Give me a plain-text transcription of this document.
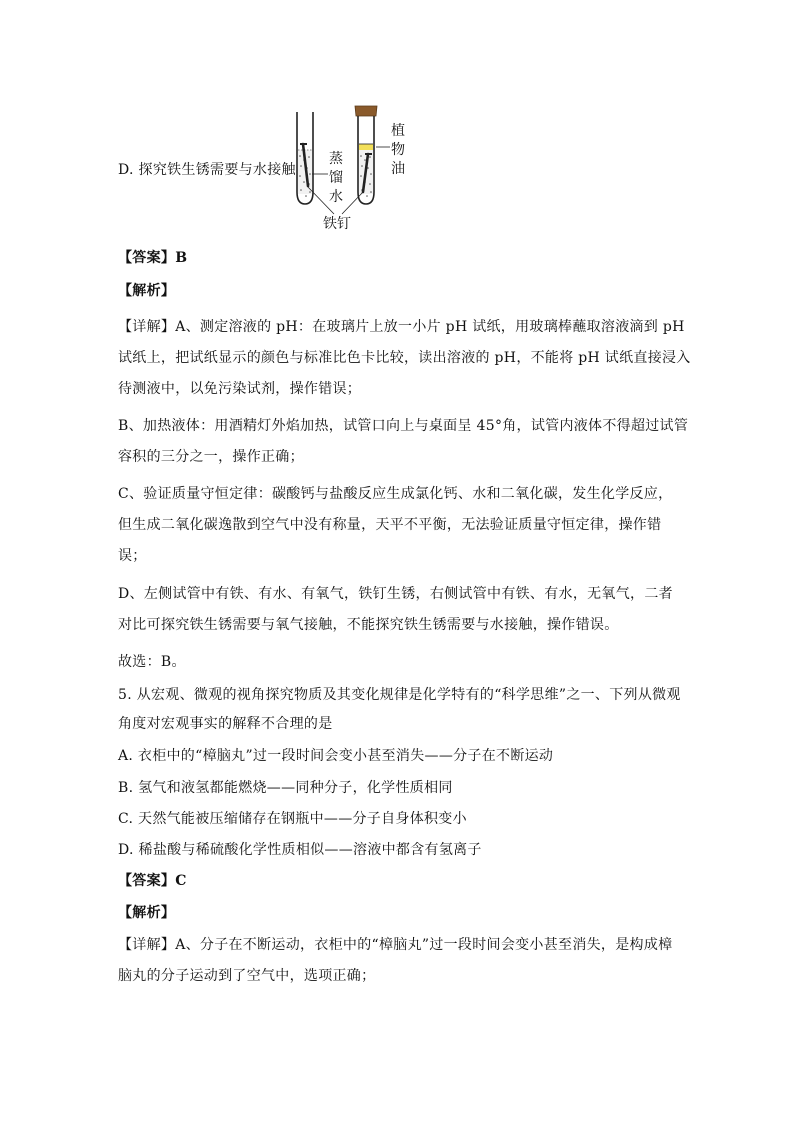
D. 探究铁生锈需要与水接触
蒸馏水
植物油
铁钉
【答案】B
【解析】
【详解】A、测定溶液的 pH：在玻璃片上放一小片 pH 试纸，用玻璃棒蘸取溶液滴到 pH
试纸上，把试纸显示的颜色与标准比色卡比较，读出溶液的 pH，不能将 pH 试纸直接浸入
待测液中，以免污染试剂，操作错误；
B、加热液体：用酒精灯外焰加热，试管口向上与桌面呈 45°角，试管内液体不得超过试管
容积的三分之一，操作正确；
C、验证质量守恒定律：碳酸钙与盐酸反应生成氯化钙、水和二氧化碳，发生化学反应，
但生成二氧化碳逸散到空气中没有称量，天平不平衡，无法验证质量守恒定律，操作错
误；
D、左侧试管中有铁、有水、有氧气，铁钉生锈，右侧试管中有铁、有水，无氧气，二者
对比可探究铁生锈需要与氧气接触，不能探究铁生锈需要与水接触，操作错误。
故选：B。
5. 从宏观、微观的视角探究物质及其变化规律是化学特有的“科学思维”之一、下列从微观
角度对宏观事实的解释不合理的是
A. 衣柜中的“樟脑丸”过一段时间会变小甚至消失——分子在不断运动
B. 氢气和液氢都能燃烧——同种分子，化学性质相同
C. 天然气能被压缩储存在钢瓶中——分子自身体积变小
D. 稀盐酸与稀硫酸化学性质相似——溶液中都含有氢离子
【答案】C
【解析】
【详解】A、分子在不断运动，衣柜中的“樟脑丸”过一段时间会变小甚至消失，是构成樟
脑丸的分子运动到了空气中，选项正确；
